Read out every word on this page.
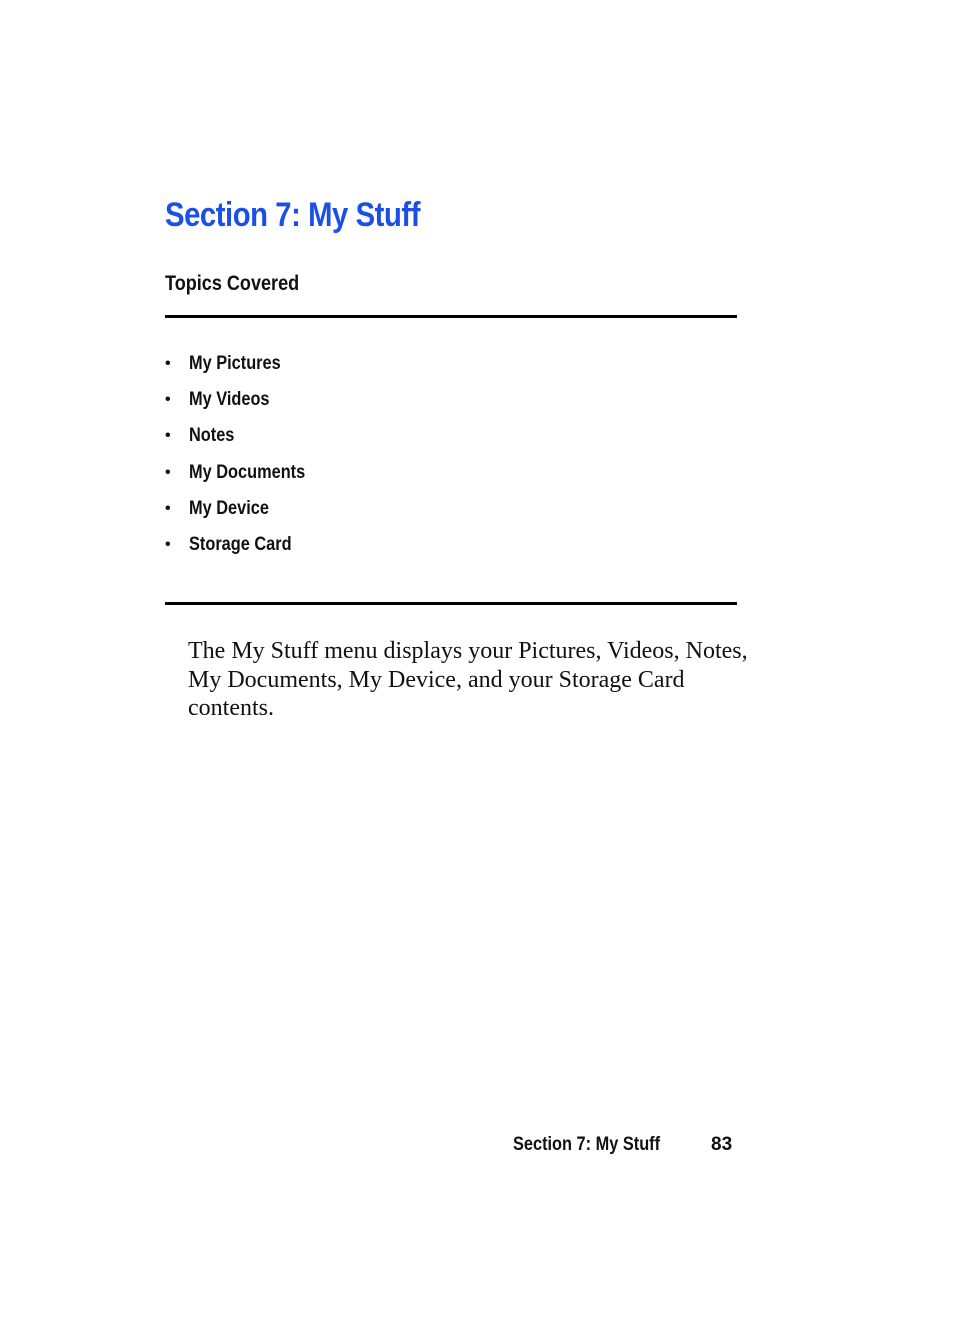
Section 7: My Stuff
Topics Covered
• My Pictures
• My Videos
• Notes
• My Documents
• My Device
• Storage Card

The My Stuff menu displays your Pictures, Videos, Notes, My Documents, My Device, and your Storage Card contents.

Section 7: My Stuff	83
